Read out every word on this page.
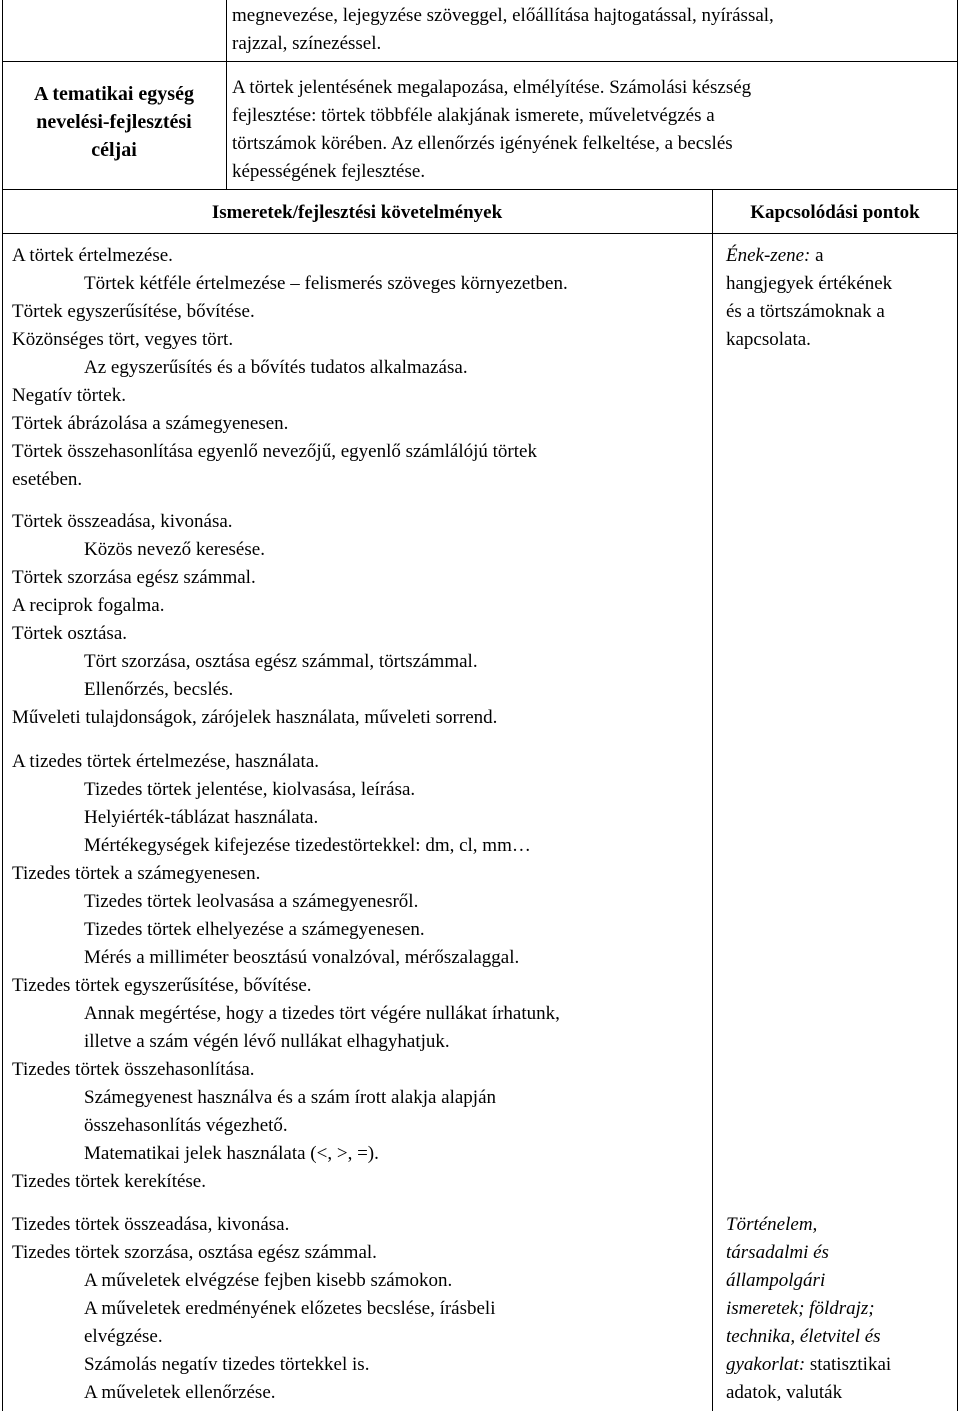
megnevezése, lejegyzése szöveggel, előállítása hajtogatással, nyírással,
rajzzal, színezéssel.
A tematikai egység
nevelési-fejlesztési
céljai
A törtek jelentésének megalapozása, elmélyítése. Számolási készség
fejlesztése: törtek többféle alakjának ismerete, műveletvégzés a
törtszámok körében. Az ellenőrzés igényének felkeltése, a becslés
képességének fejlesztése.
Ismeretek/fejlesztési követelmények	Kapcsolódási pontok
A törtek értelmezése.
Törtek kétféle értelmezése – felismerés szöveges környezetben.
Törtek egyszerűsítése, bővítése.
Közönséges tört, vegyes tört.
Az egyszerűsítés és a bővítés tudatos alkalmazása.
Negatív törtek.
Törtek ábrázolása a számegyenesen.
Törtek összehasonlítása egyenlő nevezőjű, egyenlő számlálójú törtek
esetében.
Ének-zene: a
hangjegyek értékének
és a törtszámoknak a
kapcsolata.
Törtek összeadása, kivonása.
Közös nevező keresése.
Törtek szorzása egész számmal.
A reciprok fogalma.
Törtek osztása.
Tört szorzása, osztása egész számmal, törtszámmal.
Ellenőrzés, becslés.
Műveleti tulajdonságok, zárójelek használata, műveleti sorrend.
A tizedes törtek értelmezése, használata.
Tizedes törtek jelentése, kiolvasása, leírása.
Helyiérték-táblázat használata.
Mértékegységek kifejezése tizedestörtekkel: dm, cl, mm…
Tizedes törtek a számegyenesen.
Tizedes törtek leolvasása a számegyenesről.
Tizedes törtek elhelyezése a számegyenesen.
Mérés a milliméter beosztású vonalzóval, mérőszalaggal.
Tizedes törtek egyszerűsítése, bővítése.
Annak megértése, hogy a tizedes tört végére nullákat írhatunk,
illetve a szám végén lévő nullákat elhagyhatjuk.
Tizedes törtek összehasonlítása.
Számegyenest használva és a szám írott alakja alapján
összehasonlítás végezhető.
Matematikai jelek használata (<, >, =).
Tizedes törtek kerekítése.
Tizedes törtek összeadása, kivonása.
Tizedes törtek szorzása, osztása egész számmal.
A műveletek elvégzése fejben kisebb számokon.
A műveletek eredményének előzetes becslése, írásbeli
elvégzése.
Számolás negatív tizedes törtekkel is.
A műveletek ellenőrzése.
Történelem,
társadalmi és
állampolgári
ismeretek; földrajz;
technika, életvitel és
gyakorlat: statisztikai
adatok, valuták
